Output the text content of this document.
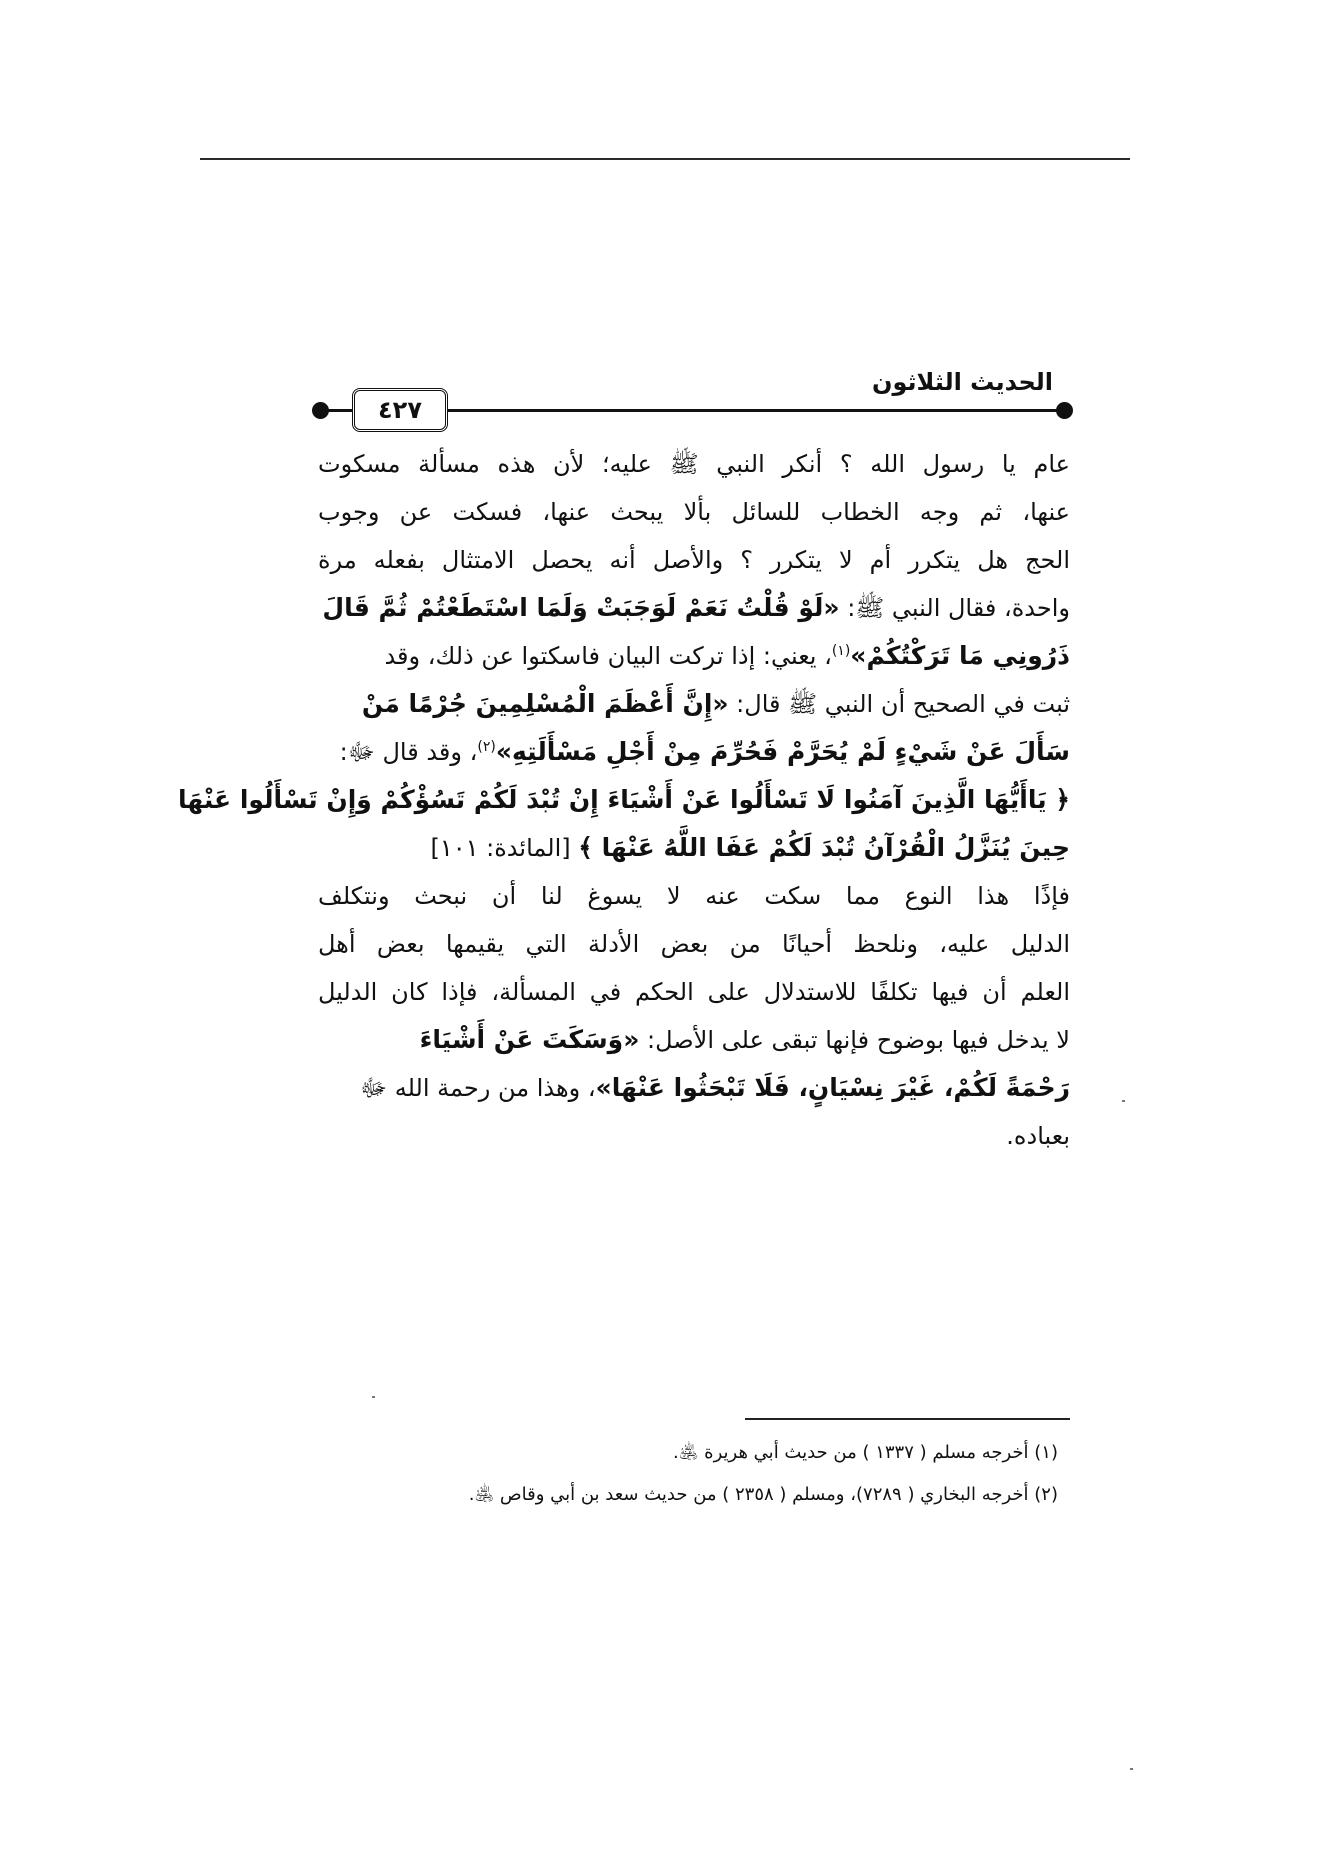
٤٢٧
الحديث الثلاثون
عام يا رسول الله ؟ أنكر النبي ﷺ عليه؛ لأن هذه مسألة مسكوت
عنها، ثم وجه الخطاب للسائل بألا يبحث عنها، فسكت عن وجوب
الحج هل يتكرر أم لا يتكرر ؟ والأصل أنه يحصل الامتثال بفعله مرة
واحدة، فقال النبي ﷺ: «لَوْ قُلْتُ نَعَمْ لَوَجَبَتْ وَلَمَا اسْتَطَعْتُمْ ثُمَّ قَالَ
ذَرُونِي مَا تَرَكْتُكُمْ»$^{(١)}$، يعني: إذا تركت البيان فاسكتوا عن ذلك، وقد
ثبت في الصحيح أن النبي ﷺ قال: «إِنَّ أَعْظَمَ الْمُسْلِمِينَ جُرْمًا مَنْ
سَأَلَ عَنْ شَيْءٍ لَمْ يُحَرَّمْ فَحُرِّمَ مِنْ أَجْلِ مَسْأَلَتِهِ»$^{(٢)}$، وقد قال ﷻ:
﴿ يَاأَيُّهَا الَّذِينَ آمَنُوا لَا تَسْأَلُوا عَنْ أَشْيَاءَ إِنْ تُبْدَ لَكُمْ تَسُؤْكُمْ وَإِنْ تَسْأَلُوا عَنْهَا
حِينَ يُنَزَّلُ الْقُرْآنُ تُبْدَ لَكُمْ عَفَا اللَّهُ عَنْهَا ﴾ [المائدة: ١٠١]
فإذًا هذا النوع مما سكت عنه لا يسوغ لنا أن نبحث ونتكلف
الدليل عليه، ونلحظ أحيانًا من بعض الأدلة التي يقيمها بعض أهل
العلم أن فيها تكلفًا للاستدلال على الحكم في المسألة، فإذا كان الدليل
لا يدخل فيها بوضوح فإنها تبقى على الأصل: «وَسَكَتَ عَنْ أَشْيَاءَ
رَحْمَةً لَكُمْ، غَيْرَ نِسْيَانٍ، فَلَا تَبْحَثُوا عَنْهَا»، وهذا من رحمة الله ﷻ
بعباده.
(١) أخرجه مسلم ( ١٣٣٧ ) من حديث أبي هريرة ﵁.
(٢) أخرجه البخاري ( ٧٢٨٩)، ومسلم ( ٢٣٥٨ ) من حديث سعد بن أبي وقاص ﵁.
